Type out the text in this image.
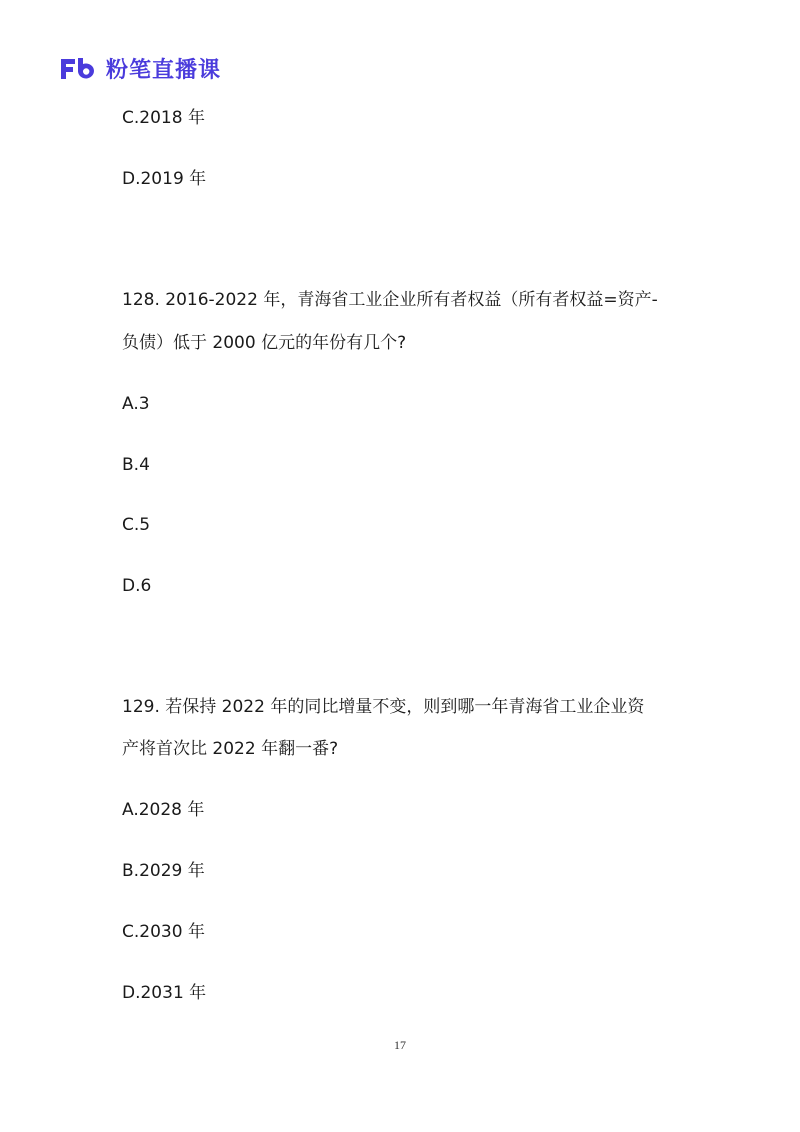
粉笔直播课
C.2018 年
D.2019 年
128. 2016-2022 年，青海省工业企业所有者权益（所有者权益=资产-
负债）低于 2000 亿元的年份有几个?
A.3
B.4
C.5
D.6
129. 若保持 2022 年的同比增量不变，则到哪一年青海省工业企业资
产将首次比 2022 年翻一番?
A.2028 年
B.2029 年
C.2030 年
D.2031 年
17
